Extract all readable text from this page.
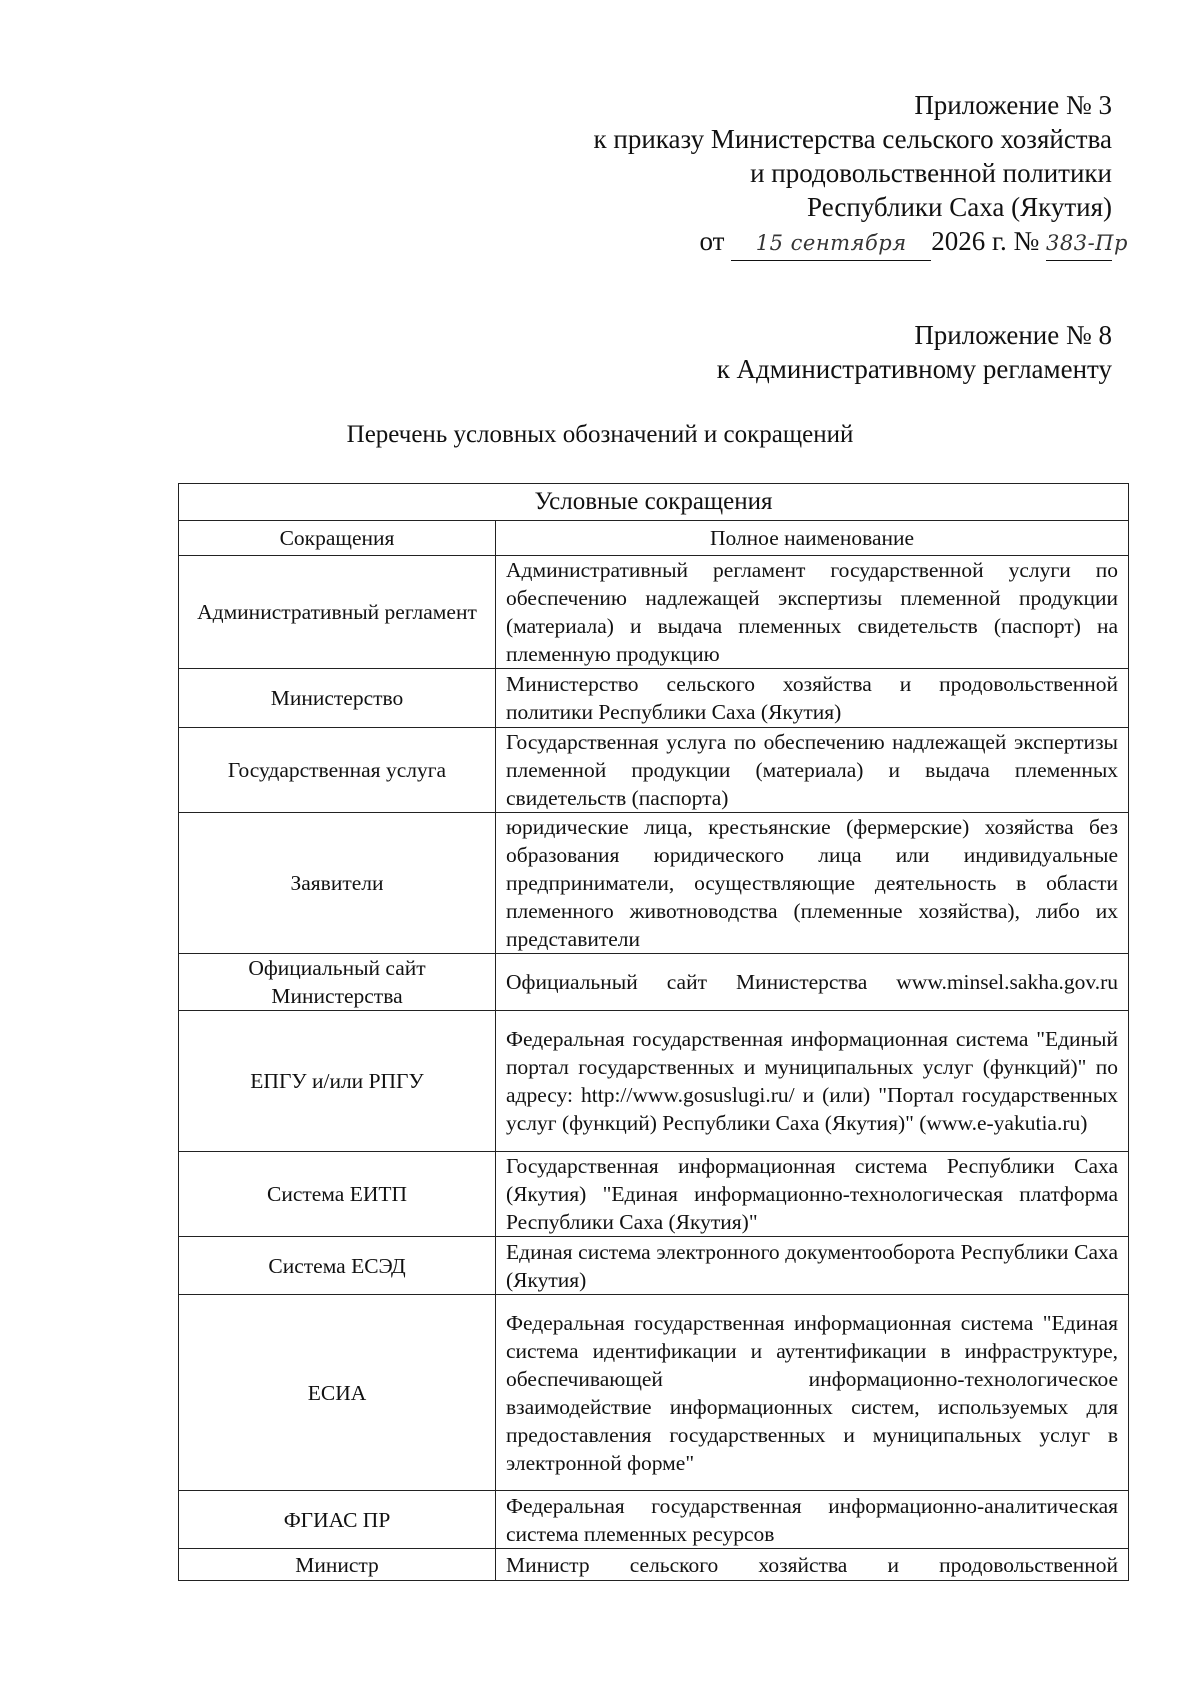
Приложение № 3
к приказу Министерства сельского хозяйства
и продовольственной политики
Республики Саха (Якутия)
от 15 сентября 2026 г. № 383-Пр
Приложение № 8
к Административному регламенту
Перечень условных обозначений и сокращений
Условные сокращения	
Сокращения	Полное наименование
Административный регламент	Административный регламент государственной услуги по обеспечению надлежащей экспертизы племенной продукции (материала) и выдача племенных свидетельств (паспорт) на племенную продукцию
Министерство	Министерство сельского хозяйства и продовольственной политики Республики Саха (Якутия)
Государственная услуга	Государственная услуга по обеспечению надлежащей экспертизы племенной продукции (материала) и выдача племенных свидетельств (паспорта)
Заявители	юридические лица, крестьянские (фермерские) хозяйства без образования юридического лица или индивидуальные предприниматели, осуществляющие деятельность в области племенного животноводства (племенные хозяйства), либо их представители
Официальный сайт Министерства	Официальный сайт Министерства www.minsel.sakha.gov.ru
ЕПГУ и/или РПГУ	Федеральная государственная информационная система "Единый портал государственных и муниципальных услуг (функций)" по адресу: http://www.gosuslugi.ru/ и (или) "Портал государственных услуг (функций) Республики Саха (Якутия)" (www.e-yakutia.ru)
Система ЕИТП	Государственная информационная система Республики Саха (Якутия) "Единая информационно-технологическая платформа Республики Саха (Якутия)"
Система ЕСЭД	Единая система электронного документооборота Республики Саха (Якутия)
ЕСИА	Федеральная государственная информационная система "Единая система идентификации и аутентификации в инфраструктуре, обеспечивающей информационно-технологическое взаимодействие информационных систем, используемых для предоставления государственных и муниципальных услуг в электронной форме"
ФГИАС ПР	Федеральная государственная информационно-аналитическая система племенных ресурсов
Министр	Министр сельского хозяйства и продовольственной
